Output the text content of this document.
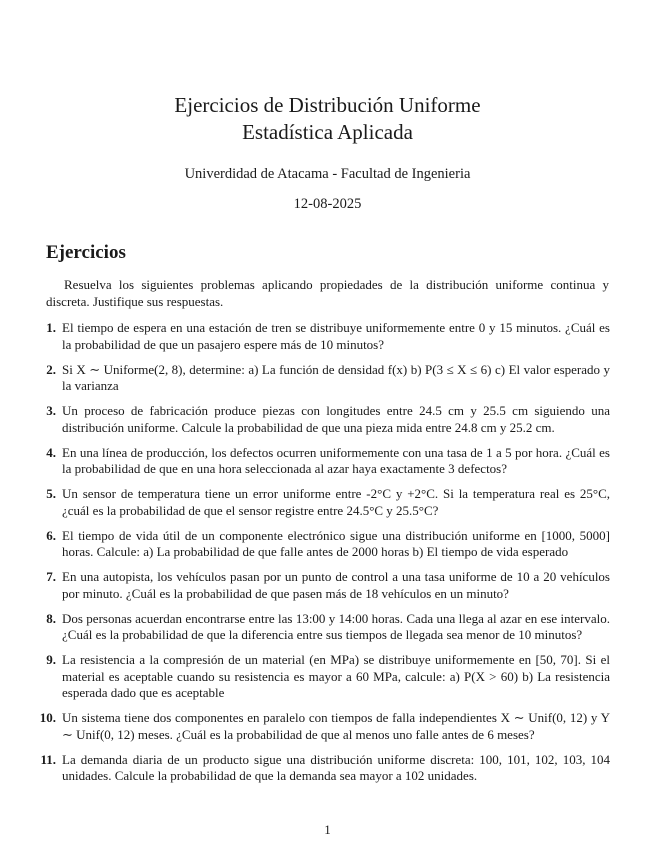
Ejercicios de Distribución Uniforme
Estadística Aplicada
Univerdidad de Atacama - Facultad de Ingenieria
12-08-2025
Ejercicios

Resuelva los siguientes problemas aplicando propiedades de la distribución uniforme continua y discreta. Justifique sus respuestas.

1. El tiempo de espera en una estación de tren se distribuye uniformemente entre 0 y 15 minutos. ¿Cuál es la probabilidad de que un pasajero espere más de 10 minutos?
2. Si X ∼ Uniforme(2, 8), determine: a) La función de densidad f(x) b) P(3 ≤ X ≤ 6) c) El valor esperado y la varianza
3. Un proceso de fabricación produce piezas con longitudes entre 24.5 cm y 25.5 cm siguiendo una distribución uniforme. Calcule la probabilidad de que una pieza mida entre 24.8 cm y 25.2 cm.
4. En una línea de producción, los defectos ocurren uniformemente con una tasa de 1 a 5 por hora. ¿Cuál es la probabilidad de que en una hora seleccionada al azar haya exactamente 3 defectos?
5. Un sensor de temperatura tiene un error uniforme entre -2°C y +2°C. Si la temperatura real es 25°C, ¿cuál es la probabilidad de que el sensor registre entre 24.5°C y 25.5°C?
6. El tiempo de vida útil de un componente electrónico sigue una distribución uniforme en [1000, 5000] horas. Calcule: a) La probabilidad de que falle antes de 2000 horas b) El tiempo de vida esperado
7. En una autopista, los vehículos pasan por un punto de control a una tasa uniforme de 10 a 20 vehículos por minuto. ¿Cuál es la probabilidad de que pasen más de 18 vehículos en un minuto?
8. Dos personas acuerdan encontrarse entre las 13:00 y 14:00 horas. Cada una llega al azar en ese intervalo. ¿Cuál es la probabilidad de que la diferencia entre sus tiempos de llegada sea menor de 10 minutos?
9. La resistencia a la compresión de un material (en MPa) se distribuye uniformemente en [50, 70]. Si el material es aceptable cuando su resistencia es mayor a 60 MPa, calcule: a) P(X > 60) b) La resistencia esperada dado que es aceptable
10. Un sistema tiene dos componentes en paralelo con tiempos de falla independientes X ∼ Unif(0, 12) y Y ∼ Unif(0, 12) meses. ¿Cuál es la probabilidad de que al menos uno falle antes de 6 meses?
11. La demanda diaria de un producto sigue una distribución uniforme discreta: 100, 101, 102, 103, 104 unidades. Calcule la probabilidad de que la demanda sea mayor a 102 unidades.
1
